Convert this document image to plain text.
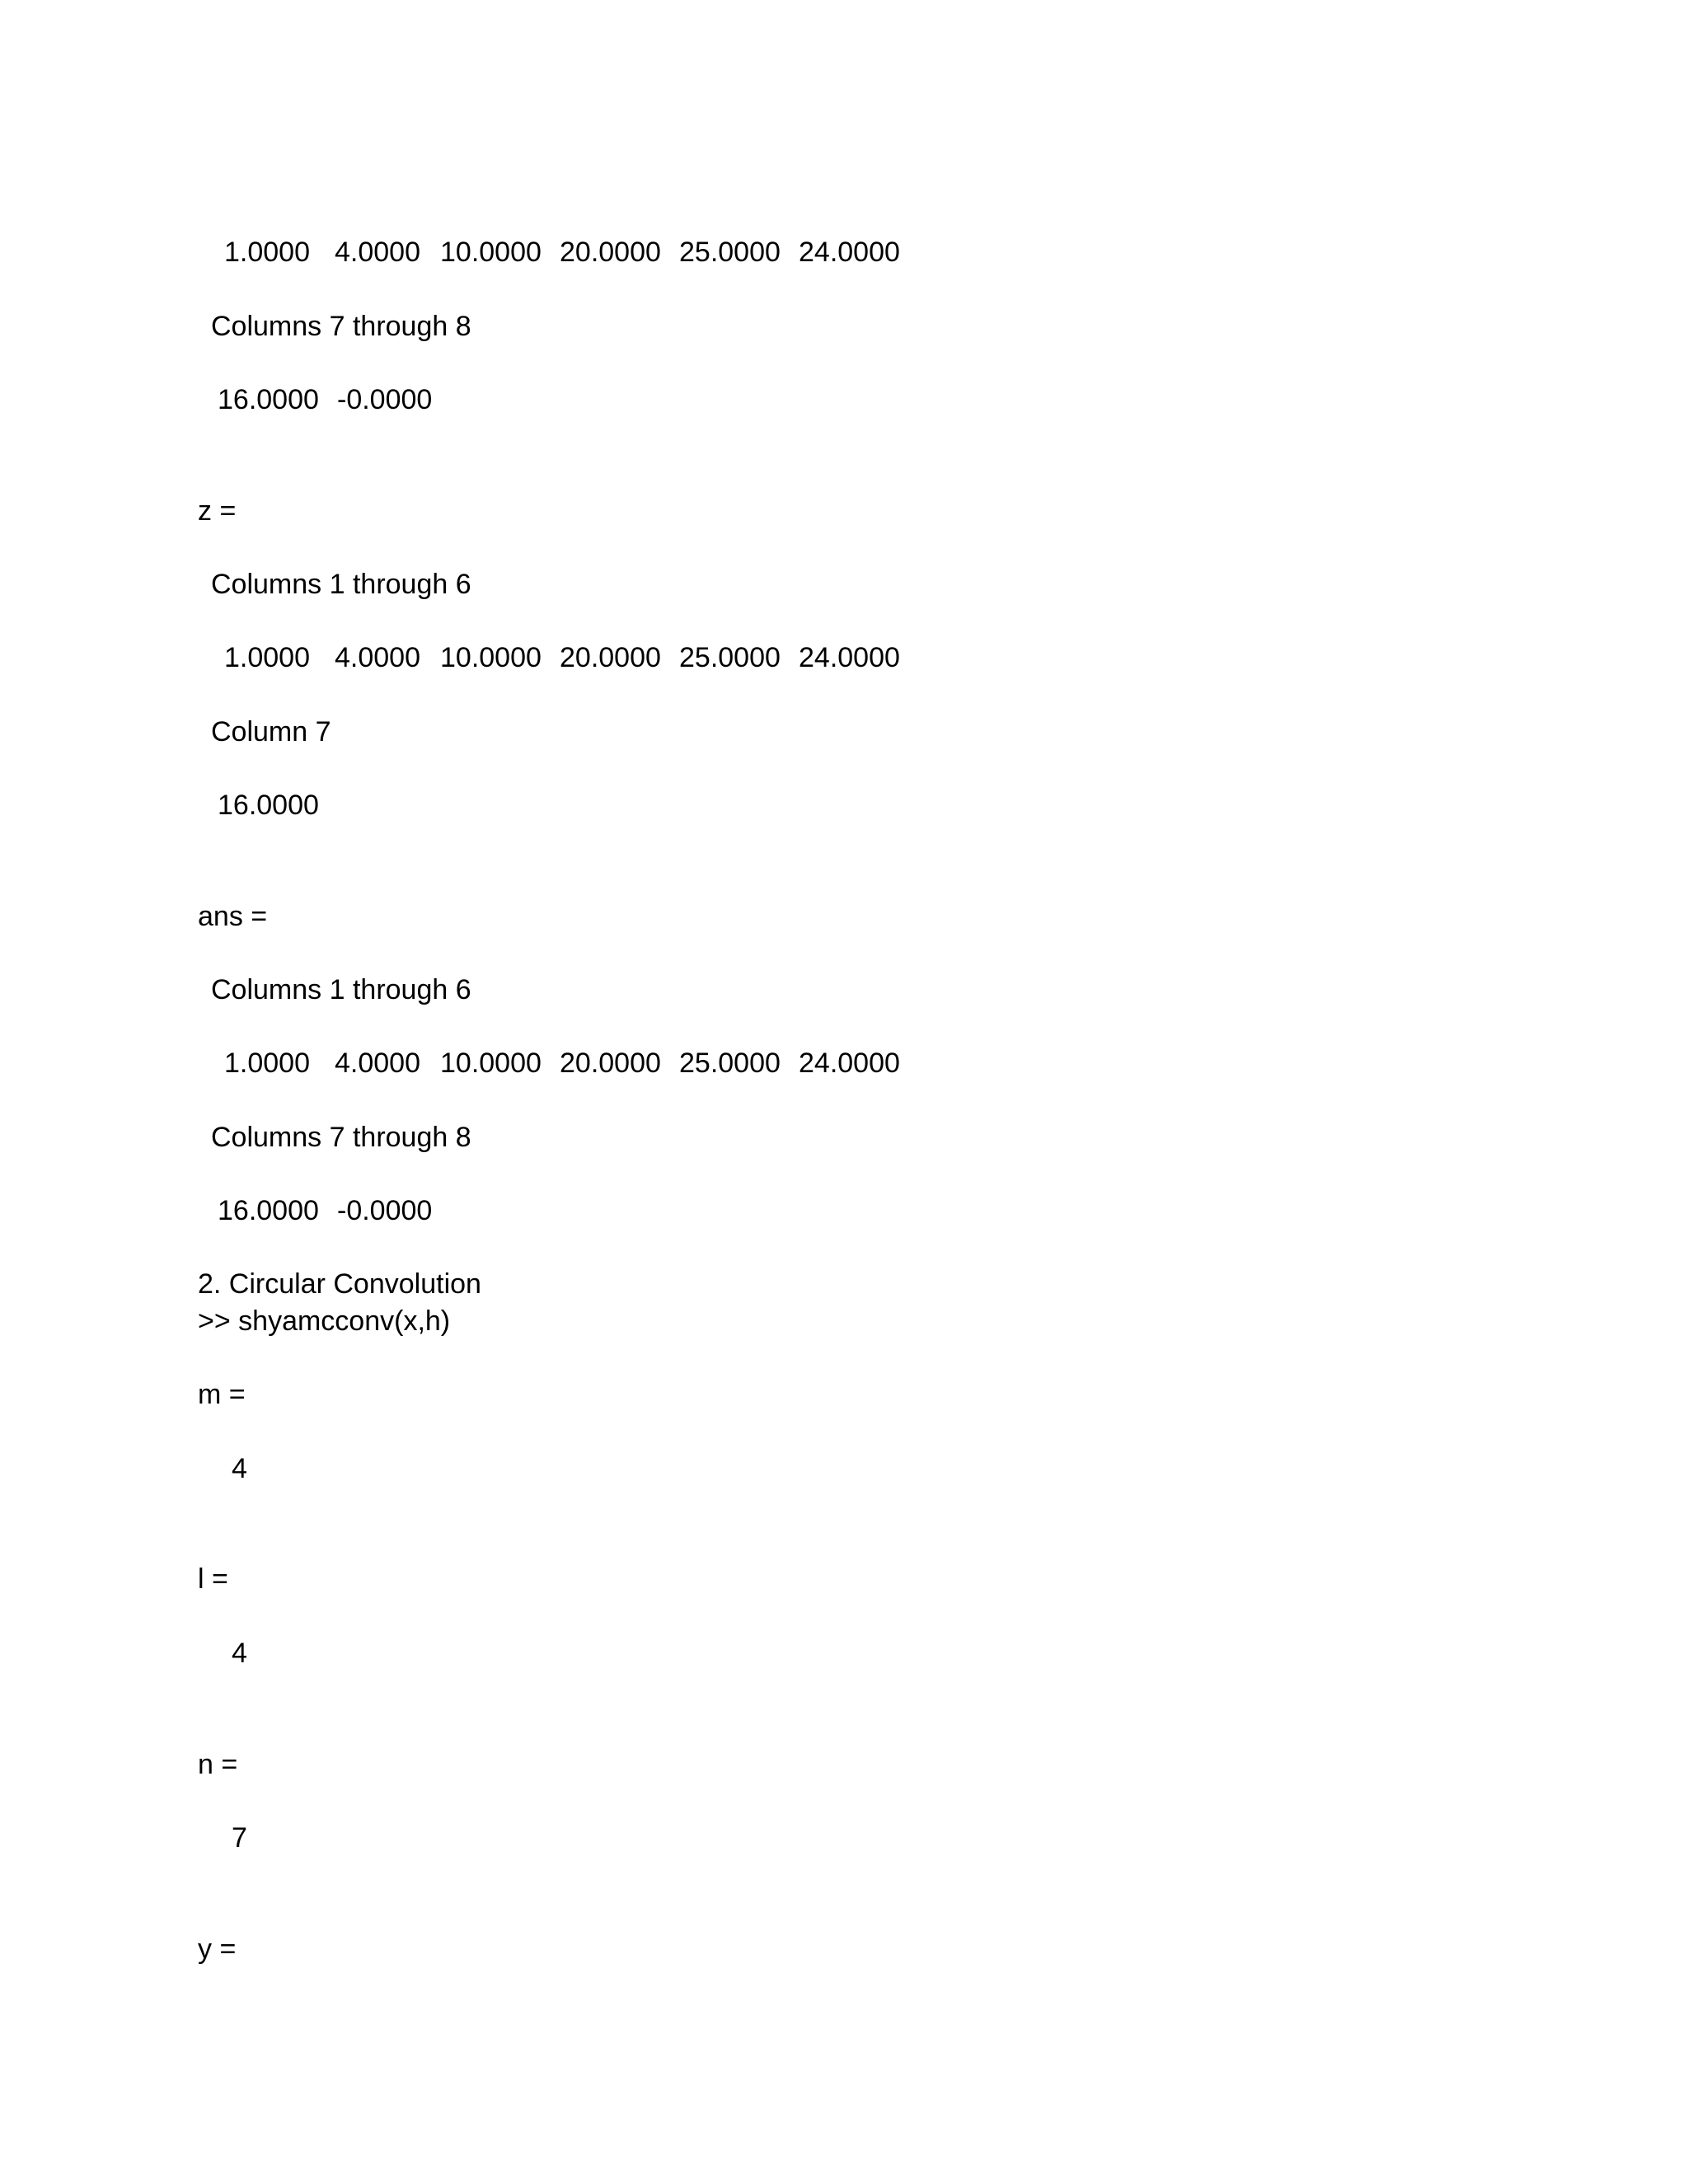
1.0000 4.0000 10.0000 20.0000 25.0000 24.0000
Columns 7 through 8
16.0000 -0.0000
z =
Columns 1 through 6
1.0000 4.0000 10.0000 20.0000 25.0000 24.0000
Column 7
16.0000
ans =
Columns 1 through 6
1.0000 4.0000 10.0000 20.0000 25.0000 24.0000
Columns 7 through 8
16.0000 -0.0000
2. Circular Convolution
>> shyamcconv(x,h)
m =
4
l =
4
n =
7
y =
